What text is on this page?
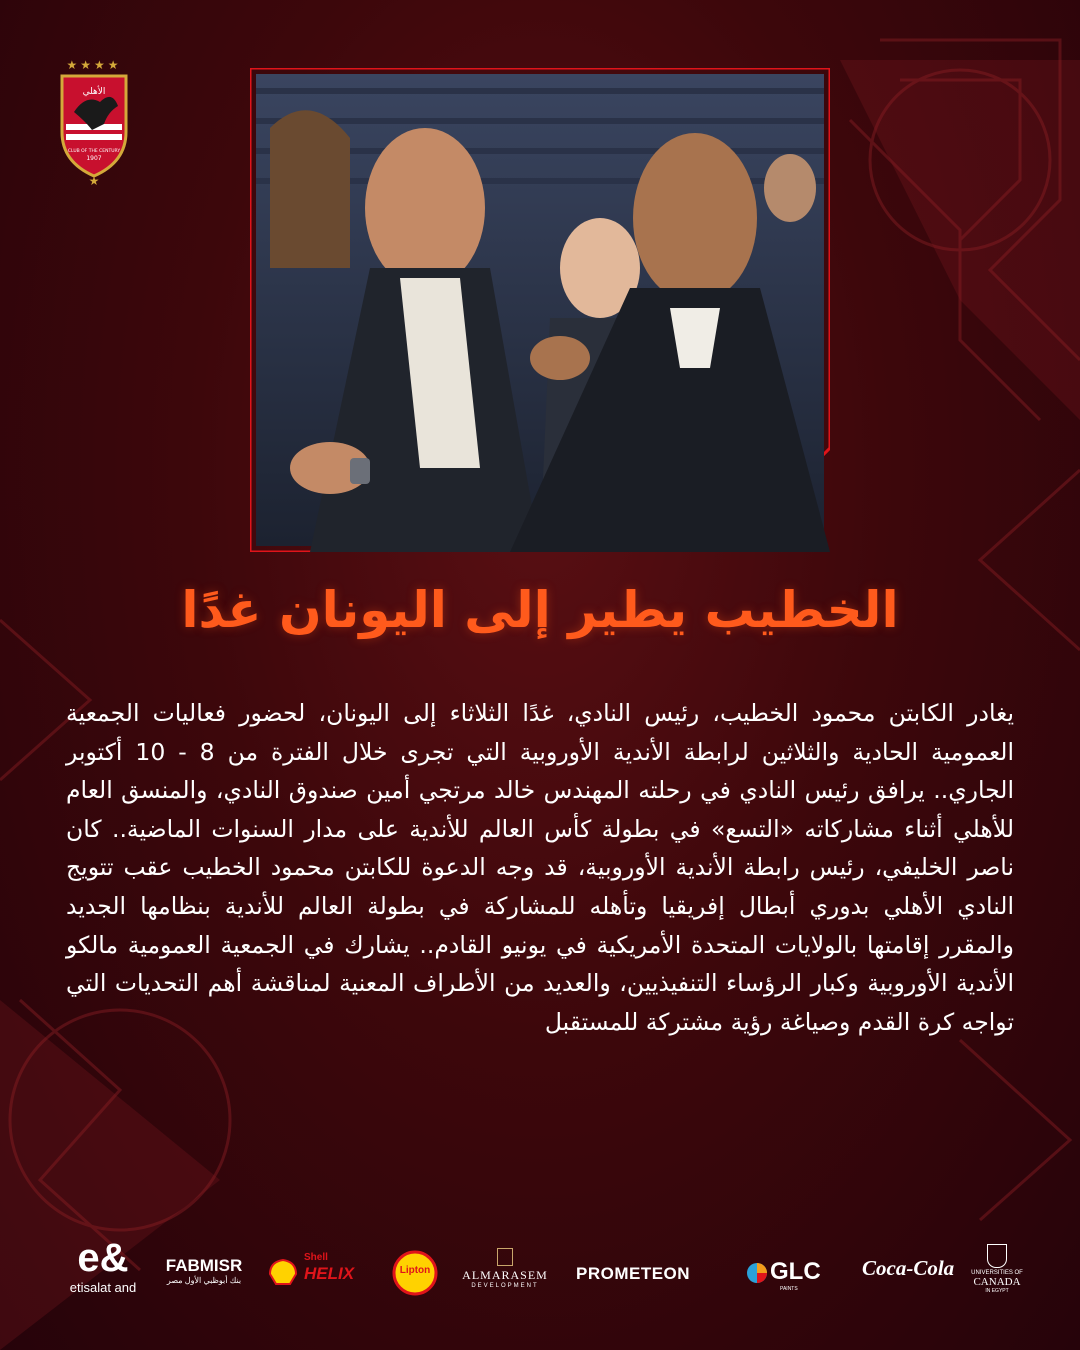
★★★★
الأهلي
CLUB OF THE CENTURY
1907
★
الخطيب يطير إلى اليونان غدًا
يغادر الكابتن محمود الخطيب، رئيس النادي، غدًا الثلاثاء إلى اليونان، لحضور فعاليات الجمعية العمومية الحادية والثلاثين لرابطة الأندية الأوروبية التي تجرى خلال الفترة من 8 - 10 أكتوبر الجاري.. يرافق رئيس النادي في رحلته المهندس خالد مرتجي أمين صندوق النادي، والمنسق العام للأهلي أثناء مشاركاته «التسع» في بطولة كأس العالم للأندية على مدار السنوات الماضية.. كان ناصر الخليفي، رئيس رابطة الأندية الأوروبية، قد وجه الدعوة للكابتن محمود الخطيب عقب تتويج النادي الأهلي بدوري أبطال إفريقيا وتأهله للمشاركة في بطولة العالم للأندية بنظامها الجديد والمقرر إقامتها بالولايات المتحدة الأمريكية في يونيو القادم.. يشارك في الجمعية العمومية مالكو الأندية الأوروبية وكبار الرؤساء التنفيذيين، والعديد من الأطراف المعنية لمناقشة أهم التحديات التي تواجه كرة القدم وصياغة رؤية مشتركة للمستقبل
e&
etisalat and
FABMISR
بنك أبوظبي الأول مصر
Shell
HELIX	Lipton	ALMARASEM
DEVELOPMENT
PROMETEON	GLC
PAINTS
Coca-Cola	UNIVERSITIES OF
CANADA
IN EGYPT
